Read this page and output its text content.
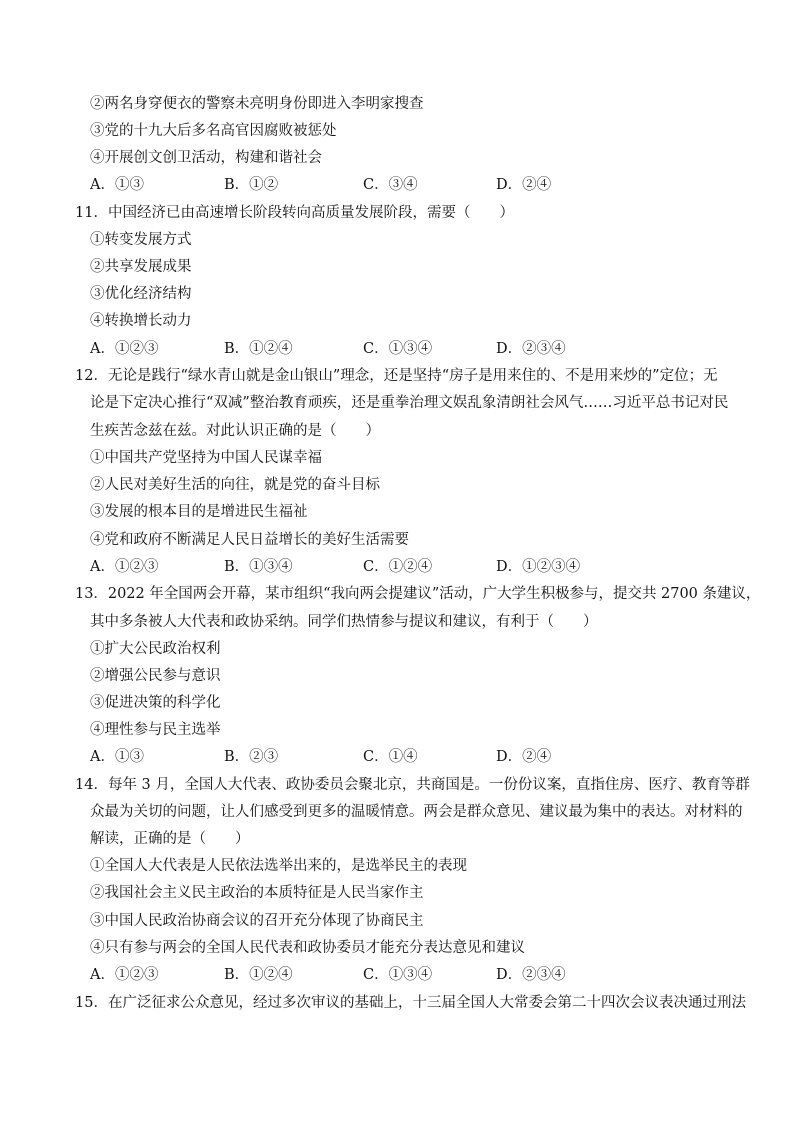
②两名身穿便衣的警察未亮明身份即进入李明家搜查
③党的十九大后多名高官因腐败被惩处
④开展创文创卫活动，构建和谐社会
A．①③	B．①②	C．③④	D．②④
11．中国经济已由高速增长阶段转向高质量发展阶段，需要（　　）
①转变发展方式
②共享发展成果
③优化经济结构
④转换增长动力
A．①②③	B．①②④	C．①③④	D．②③④
12．无论是践行“绿水青山就是金山银山”理念，还是坚持“房子是用来住的、不是用来炒的”定位；无
论是下定决心推行“双减”整治教育顽疾，还是重拳治理文娱乱象清朗社会风气……习近平总书记对民
生疾苦念兹在兹。对此认识正确的是（　　）
①中国共产党坚持为中国人民谋幸福
②人民对美好生活的向往，就是党的奋斗目标
③发展的根本目的是增进民生福祉
④党和政府不断满足人民日益增长的美好生活需要
A．①②③	B．①③④	C．①②④	D．①②③④
13．2022 年全国两会开幕，某市组织“我向两会提建议”活动，广大学生积极参与，提交共 2700 条建议，
其中多条被人大代表和政协采纳。同学们热情参与提议和建议，有利于（　　）
①扩大公民政治权利
②增强公民参与意识
③促进决策的科学化
④理性参与民主选举
A．①③	B．②③	C．①④	D．②④
14．每年 3 月，全国人大代表、政协委员会聚北京，共商国是。一份份议案，直指住房、医疗、教育等群
众最为关切的问题，让人们感受到更多的温暖情意。两会是群众意见、建议最为集中的表达。对材料的
解读，正确的是（　　）
①全国人大代表是人民依法选举出来的，是选举民主的表现
②我国社会主义民主政治的本质特征是人民当家作主
③中国人民政治协商会议的召开充分体现了协商民主
④只有参与两会的全国人民代表和政协委员才能充分表达意见和建议
A．①②③	B．①②④	C．①③④	D．②③④
15．在广泛征求公众意见，经过多次审议的基础上，十三届全国人大常委会第二十四次会议表决通过刑法
